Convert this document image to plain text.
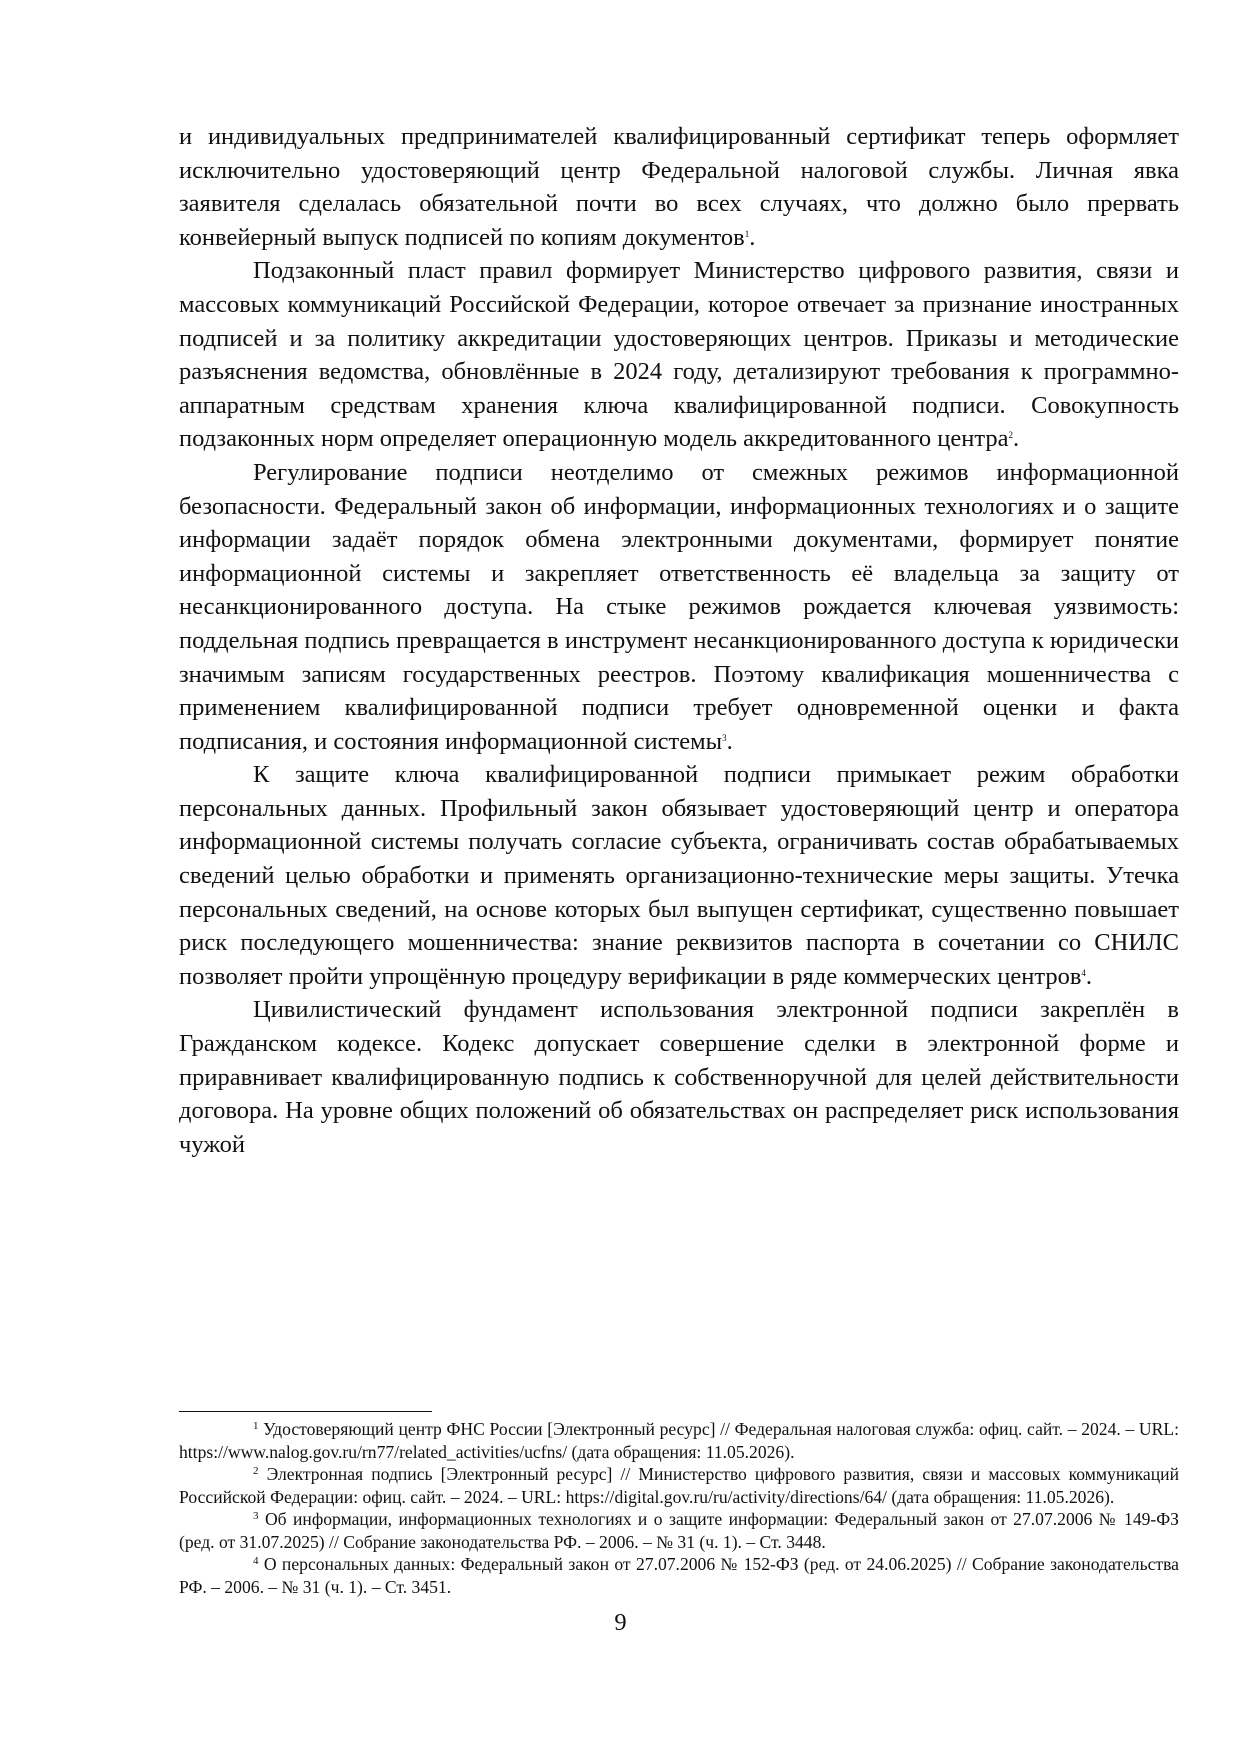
и индивидуальных предпринимателей квалифицированный сертификат теперь оформляет исключительно удостоверяющий центр Федеральной налоговой службы. Личная явка заявителя сделалась обязательной почти во всех случаях, что должно было прервать конвейерный выпуск подписей по копиям документов$^1$.

Подзаконный пласт правил формирует Министерство цифрового развития, связи и массовых коммуникаций Российской Федерации, которое отвечает за признание иностранных подписей и за политику аккредитации удостоверяющих центров. Приказы и методические разъяснения ведомства, обновлённые в 2024 году, детализируют требования к программно-аппаратным средствам хранения ключа квалифицированной подписи. Совокупность подзаконных норм определяет операционную модель аккредитованного центра$^2$.

Регулирование подписи неотделимо от смежных режимов информационной безопасности. Федеральный закон об информации, информационных технологиях и о защите информации задаёт порядок обмена электронными документами, формирует понятие информационной системы и закрепляет ответственность её владельца за защиту от несанкционированного доступа. На стыке режимов рождается ключевая уязвимость: поддельная подпись превращается в инструмент несанкционированного доступа к юридически значимым записям государственных реестров. Поэтому квалификация мошенничества с применением квалифицированной подписи требует одновременной оценки и факта подписания, и состояния информационной системы$^3$.

К защите ключа квалифицированной подписи примыкает режим обработки персональных данных. Профильный закон обязывает удостоверяющий центр и оператора информационной системы получать согласие субъекта, ограничивать состав обрабатываемых сведений целью обработки и применять организационно-технические меры защиты. Утечка персональных сведений, на основе которых был выпущен сертификат, существенно повышает риск последующего мошенничества: знание реквизитов паспорта в сочетании со СНИЛС позволяет пройти упрощённую процедуру верификации в ряде коммерческих центров$^4$.

Цивилистический фундамент использования электронной подписи закреплён в Гражданском кодексе. Кодекс допускает совершение сделки в электронной форме и приравнивает квалифицированную подпись к собственноручной для целей действительности договора. На уровне общих положений об обязательствах он распределяет риск использования чужой

$^1$ Удостоверяющий центр ФНС России [Электронный ресурс] // Федеральная налоговая служба: офиц. сайт. – 2024. – URL: https://www.nalog.gov.ru/rn77/related_activities/ucfns/ (дата обращения: 11.05.2026).

$^2$ Электронная подпись [Электронный ресурс] // Министерство цифрового развития, связи и массовых коммуникаций Российской Федерации: офиц. сайт. – 2024. – URL: https://digital.gov.ru/ru/activity/directions/64/ (дата обращения: 11.05.2026).

$^3$ Об информации, информационных технологиях и о защите информации: Федеральный закон от 27.07.2006 № 149-ФЗ (ред. от 31.07.2025) // Собрание законодательства РФ. – 2006. – № 31 (ч. 1). – Ст. 3448.

$^4$ О персональных данных: Федеральный закон от 27.07.2006 № 152-ФЗ (ред. от 24.06.2025) // Собрание законодательства РФ. – 2006. – № 31 (ч. 1). – Ст. 3451.

9
